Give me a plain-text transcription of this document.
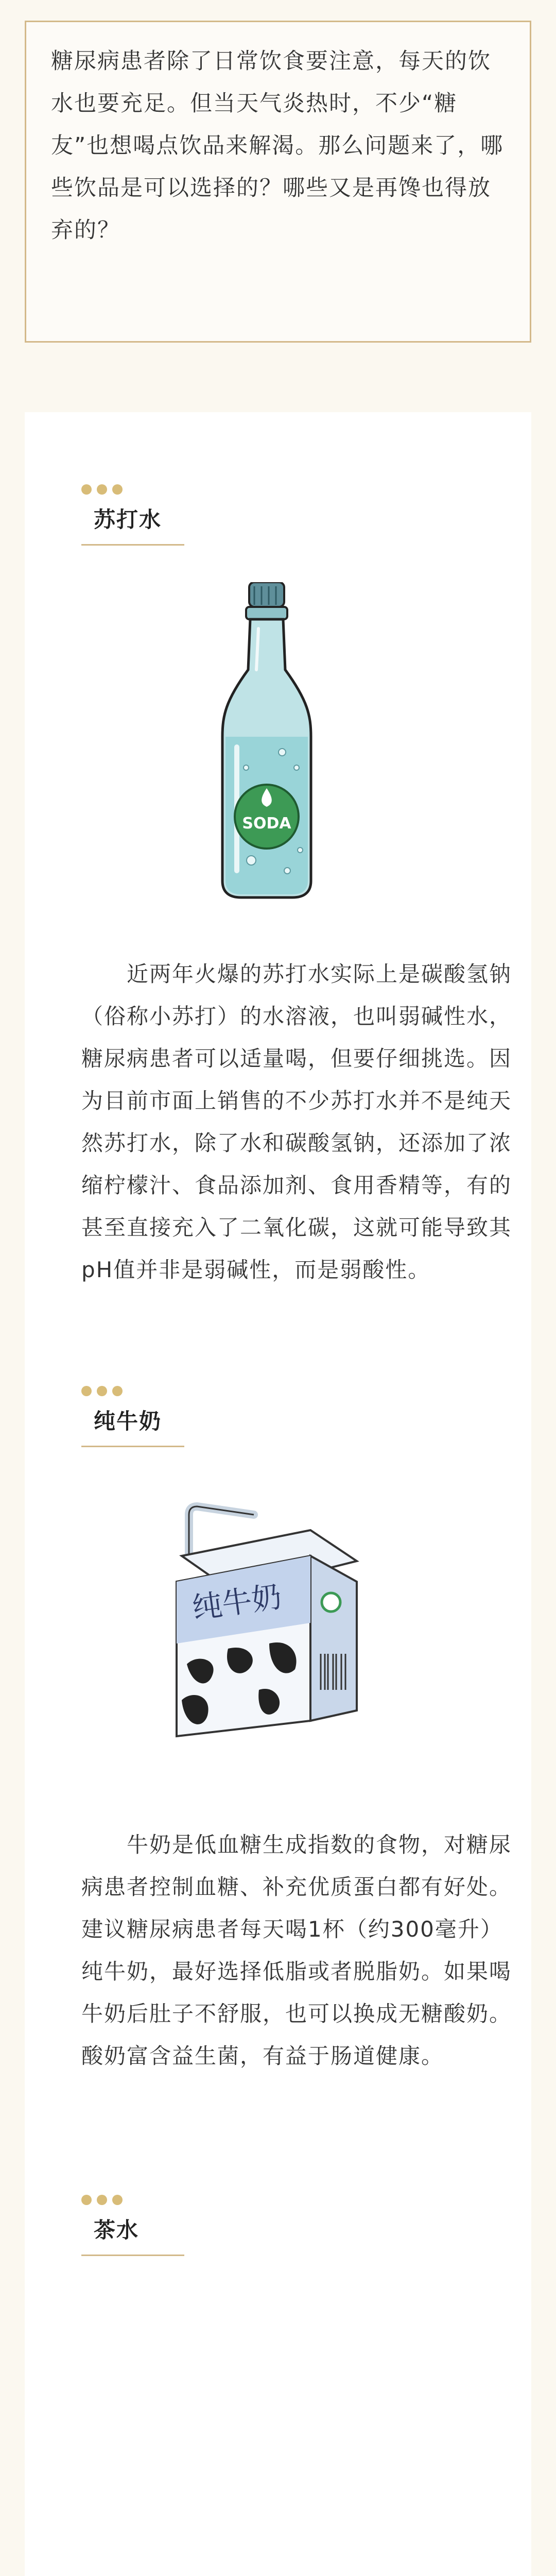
糖尿病患者除了日常饮食要注意，每天的饮水也要充足。但当天气炎热时，不少“糖友”也想喝点饮品来解渴。那么问题来了，哪些饮品是可以选择的？哪些又是再馋也得放弃的？

苏打水
SODA

近两年火爆的苏打水实际上是碳酸氢钠（俗称小苏打）的水溶液，也叫弱碱性水，糖尿病患者可以适量喝，但要仔细挑选。因为目前市面上销售的不少苏打水并不是纯天然苏打水，除了水和碳酸氢钠，还添加了浓缩柠檬汁、食品添加剂、食用香精等，有的甚至直接充入了二氧化碳，这就可能导致其pH值并非是弱碱性，而是弱酸性。

纯牛奶
纯牛奶

牛奶是低血糖生成指数的食物，对糖尿病患者控制血糖、补充优质蛋白都有好处。建议糖尿病患者每天喝1杯（约300毫升）纯牛奶，最好选择低脂或者脱脂奶。如果喝牛奶后肚子不舒服，也可以换成无糖酸奶。酸奶富含益生菌，有益于肠道健康。

茶水
